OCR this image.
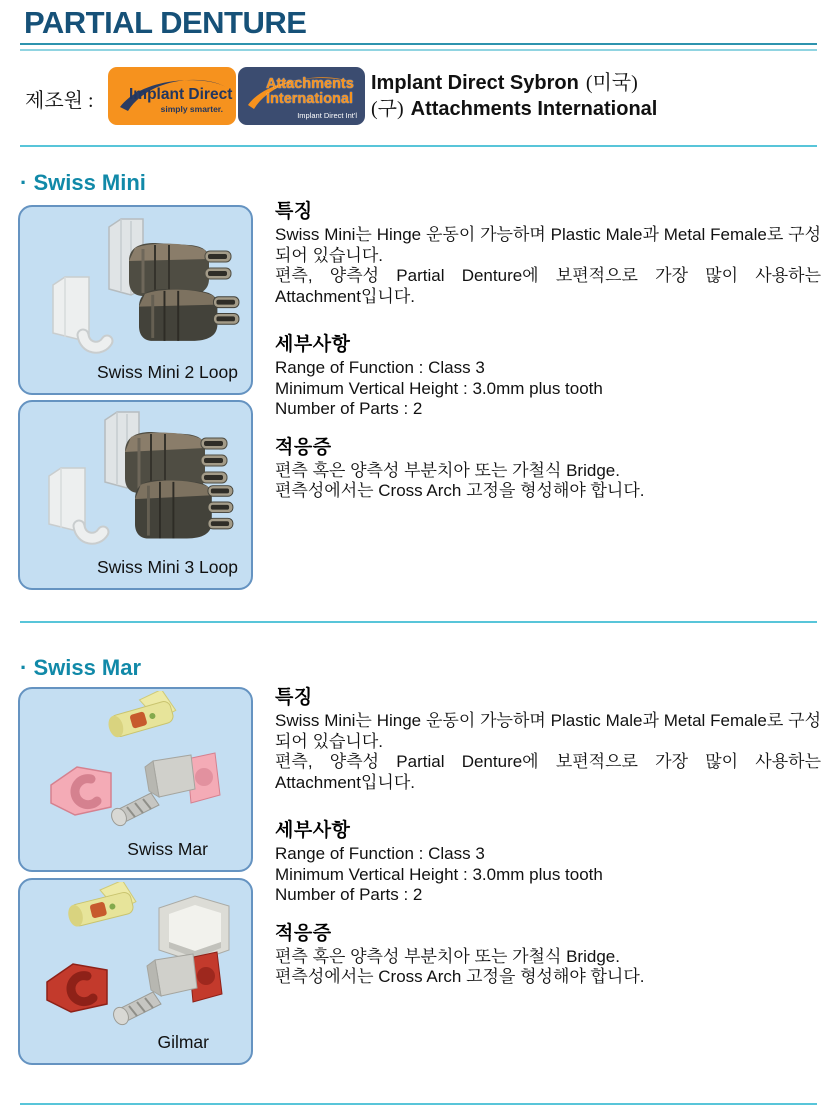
PARTIAL DENTURE
제조원 : Implant Direct
simply smarter.
Attachments
International
Implant Direct Int'l
Implant Direct Sybron (미국)
(구) Attachments International
· Swiss Mini
Swiss Mini 2 Loop
Swiss Mini 3 Loop
특징

Swiss Mini는 Hinge 운동이 가능하며 Plastic Male과 Metal Female로 구성되어 있습니다.

편측, 양측성 Partial Denture에 보편적으로 가장 많이 사용하는 Attachment입니다.

세부사항
Range of Function : Class 3
Minimum Vertical Height : 3.0mm plus tooth
Number of Parts : 2
적응증
편측 혹은 양측성 부분치아 또는 가철식 Bridge.
편측성에서는 Cross Arch 고정을 형성해야 합니다.
· Swiss Mar
Swiss Mar
Gilmar
특징

Swiss Mini는 Hinge 운동이 가능하며 Plastic Male과 Metal Female로 구성되어 있습니다.

편측, 양측성 Partial Denture에 보편적으로 가장 많이 사용하는 Attachment입니다.

세부사항
Range of Function : Class 3
Minimum Vertical Height : 3.0mm plus tooth
Number of Parts : 2
적응증
편측 혹은 양측성 부분치아 또는 가철식 Bridge.
편측성에서는 Cross Arch 고정을 형성해야 합니다.
